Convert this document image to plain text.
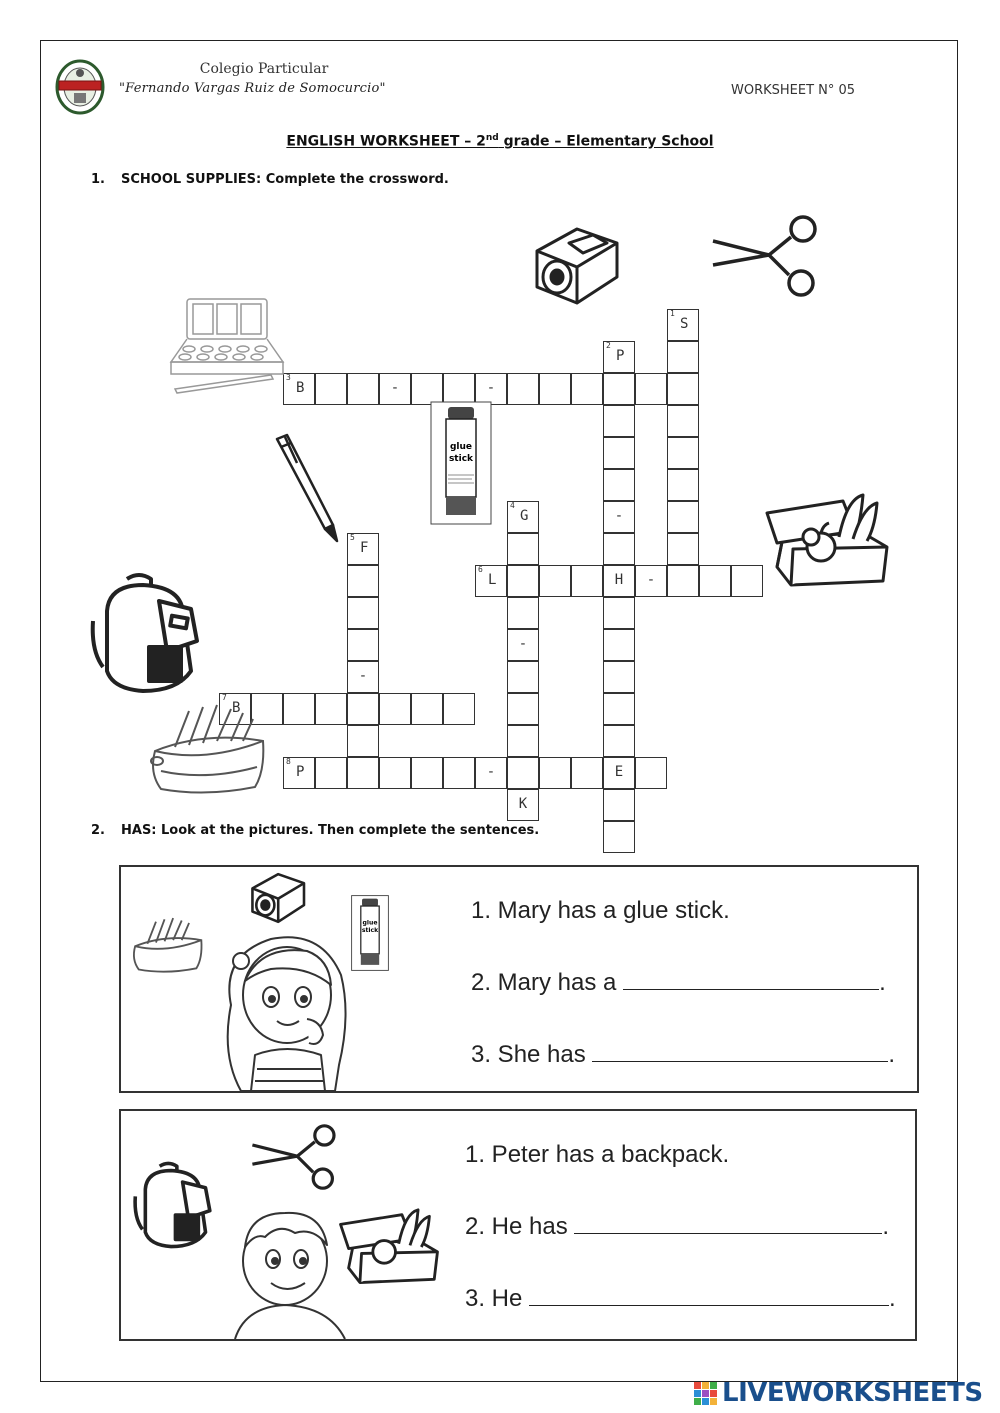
Colegio Particular
"Fernando Vargas Ruiz de Somocurcio"	WORKSHEET N° 05
ENGLISH WORKSHEET – 2nd grade – Elementary School
1. SCHOOL SUPPLIES: Complete the crossword.
3
B	-	-
6
L	H	-
7
B
8
P	-	E
1
S
2
P
-
4
G
-
K
5
F
-
glue
stick
2. HAS: Look at the pictures. Then complete the sentences.
glue
stick
1. Mary has a glue stick.
2. Mary has a	.
3. She has	.
1. Peter has a backpack.
2. He has	.
3. He	.
LIVEWORKSHEETS
